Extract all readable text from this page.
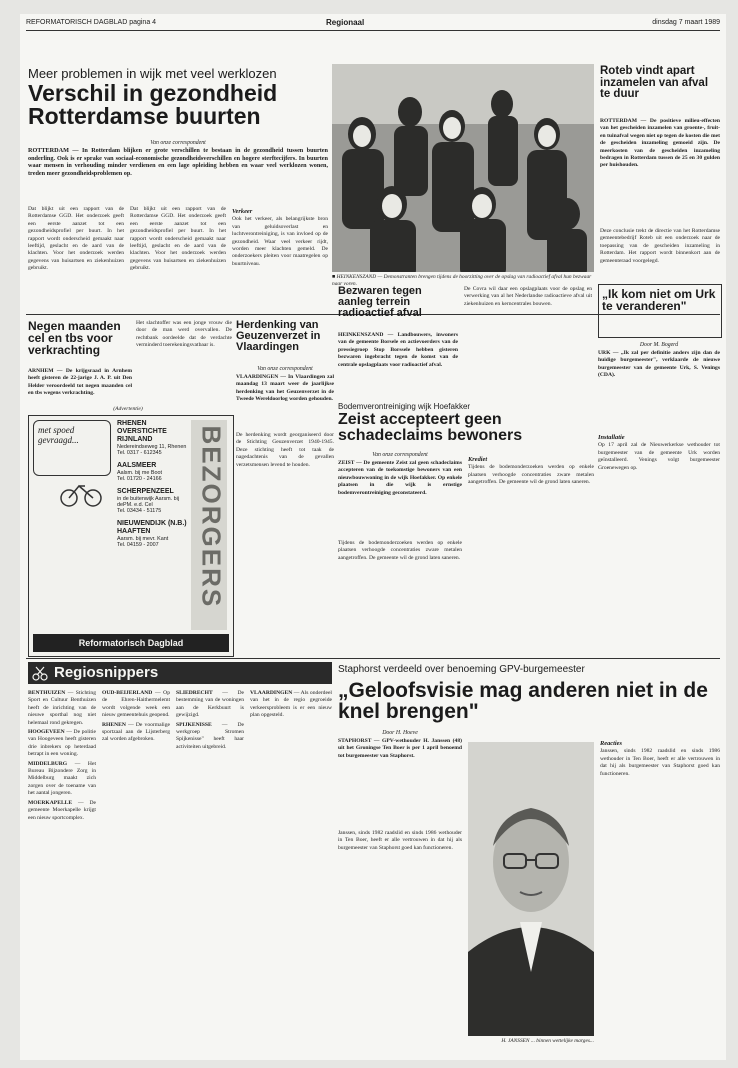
REFORMATORISCH DAGBLAD pagina 4	Regionaal	dinsdag 7 maart 1989
Meer problemen in wijk met veel werklozen
Verschil in gezondheid Rotterdamse buurten
Van onze correspondent
ROTTERDAM — In Rotterdam blijken er grote verschillen te bestaan in de gezondheid tussen buurten onderling. Ook is er sprake van sociaal-economische gezondheidsverschillen en hogere sterftecijfers. In buurten waar mensen in verhouding minder verdienen en een lage opleiding hebben en waar veel werklozen wonen, treden meer gezondheidsproblemen op.
Dat blijkt uit een rapport van de Rotterdamse GGD. Het onderzoek geeft een eerste aanzet tot een gezondheidsprofiel per buurt. In het rapport wordt onderscheid gemaakt naar leeftijd, geslacht en de aard van de klachten. Voor het onderzoek werden gegevens van huisartsen en ziekenhuizen gebruikt.
Dat blijkt uit een rapport van de Rotterdamse GGD. Het onderzoek geeft een eerste aanzet tot een gezondheidsprofiel per buurt. In het rapport wordt onderscheid gemaakt naar leeftijd, geslacht en de aard van de klachten. Voor het onderzoek werden gegevens van huisartsen en ziekenhuizen gebruikt.
Verkeer
Ook het verkeer, als belangrijkste bron van geluidsoverlast en luchtverontreiniging, is van invloed op de gezondheid. Waar veel verkeer rijdt, worden meer klachten gemeld. De onderzoekers pleiten voor maatregelen op buurtniveau.
■ HEINKENSZAND — Demonstranten brengen tijdens de hoorzitting over de opslag van radioactief afval hun bezwaar naar voren.
Roteb vindt apart inzamelen van afval te duur
ROTTERDAM — De positieve milieu-effecten van het gescheiden inzamelen van groente-, fruit- en tuinafval wegen niet op tegen de kosten die met de gescheiden inzameling gemoeid zijn. De meerkosten van de gescheiden inzameling bedragen in Rotterdam tussen de 25 en 30 gulden per huishouden.
Deze conclusie trekt de directie van het Rotterdamse gemeentebedrijf Roteb uit een onderzoek naar de toepassing van de gescheiden inzameling in Rotterdam. Het rapport wordt binnenkort aan de gemeenteraad voorgelegd.
Negen maanden cel en tbs voor verkrachting
ARNHEM — De krijgsraad in Arnhem heeft gisteren de 22-jarige J. A. P. uit Den Helder veroordeeld tot negen maanden cel en tbs wegens verkrachting.
Het slachtoffer was een jonge vrouw die door de man werd overvallen. De rechtbank oordeelde dat de verdachte verminderd toerekeningsvatbaar is.
(Advertentie)
met spoed gevraagd...
RHENEN OVERSTICHTE RIJNLAND
Nedereindseweg 11, Rhenen
Tel. 0317 - 612345
AALSMEER
Aalsm. bij me Boot
Tel. 01720 - 24166
SCHERPENZEEL
in de buitenwijk Aarsm. bij dePM. e.d. Cel
Tel. 03434 - 51175
NIEUWENDIJK (N.B.) HAAFTEN
Aarsm. bij mevr. Kant
Tel. 04159 - 2007	BEZORGERS
Reformatorisch Dagblad
Herdenking van Geuzenverzet in Vlaardingen
Van onze correspondent
VLAARDINGEN — In Vlaardingen zal maandag 13 maart weer de jaarlijkse herdenking van het Geuzenverzet in de Tweede Wereldoorlog worden gehouden.
De herdenking wordt georganiseerd door de Stichting Geuzenverzet 1940-1945. Deze stichting heeft tot taak de nagedachtenis van de gevallen verzetsmensen levend te houden.
Bezwaren tegen aanleg terrein radioactief afval
HEINKENSZAND — Landbouwers, inwoners van de gemeente Borsele en actievoerders van de pressiegroep Stop Borssele hebben gisteren bezwaren ingebracht tegen de komst van de centrale opslagplaats voor radioactief afval.
De Covra wil daar een opslagplaats voor de opslag en verwerking van al het Nederlandse radioactieve afval uit ziekenhuizen en kerncentrales bouwen.
„Ik kom niet om Urk te veranderen"
Door M. Bogerd
URK — „Ik zal per definitie anders zijn dan de huidige burgemeester", verklaarde de nieuwe burgemeester van de gemeente Urk, S. Venings (CDA).
Installatie
Op 17 april zal de Nieuwerkerkse wethouder tot burgemeester van de gemeente Urk worden geïnstalleerd. Venings volgt burgemeester Groenewegen op.
Bodemverontreiniging wijk Hoefakker
Zeist accepteert geen schadeclaims bewoners
Van onze correspondent
ZEIST — De gemeente Zeist zal geen schadeclaims accepteren van de toekomstige bewoners van een nieuwbouwwoning in de wijk Hoefakker. Op enkele plaatsen in die wijk is ernstige bodemverontreiniging geconstateerd.
Tijdens de bodemonderzoeken werden op enkele plaatsen verhoogde concentraties zware metalen aangetroffen. De gemeente wil de grond laten saneren.
Krediet
Tijdens de bodemonderzoeken werden op enkele plaatsen verhoogde concentraties zware metalen aangetroffen. De gemeente wil de grond laten saneren.
Regiosnippers

BENTHUIZEN — Stichting Sport en Cultuur Benthuizen heeft de inrichting van de nieuwe sporthal nog niet helemaal rond gekregen.

HOOGEVEEN — De politie van Hoogeveen heeft gisteren drie inbrekers op heterdaad betrapt in een woning.

MIDDELBURG — Het Bureau Bijzondere Zorg in Middelburg maakt zich zorgen over de toename van het aantal jongeren.

MOERKAPELLE — De gemeente Moerkapelle krijgt een nieuw sportcomplex.

OUD-BEIJERLAND — Op de Ehren-Haithermelemt wordt volgende week een nieuw gemeentehuis geopend.

RHENEN — De voormalige sportzaal aan de Lijsterberg zal worden afgebroken.

SLIEDRECHT — De bestemming van de woningen aan de Kerkbuurt is gewijzigd.

SPIJKENISSE — De werkgroep Stromen Spijkenisse" heeft haar activiteiten uitgebreid.

VLAARDINGEN — Als onderdeel van het in de regio gegroeide verkeersprobleem is er een nieuw plan opgesteld.

Staphorst verdeeld over benoeming GPV-burgemeester
„Geloofsvisie mag anderen niet in de knel brengen"
Door H. Hoeve
STAPHORST — GPV-wethouder H. Janssen (48) uit het Groningse Ten Boer is per 1 april benoemd tot burgemeester van Staphorst.
Janssen, sinds 1982 raadslid en sinds 1986 wethouder in Ten Boer, heeft er alle vertrouwen in dat hij als burgemeester van Staphorst goed kan functioneren.
H. JANSSEN ... binnen wettelijke marges...
Reacties
Janssen, sinds 1982 raadslid en sinds 1986 wethouder in Ten Boer, heeft er alle vertrouwen in dat hij als burgemeester van Staphorst goed kan functioneren.
